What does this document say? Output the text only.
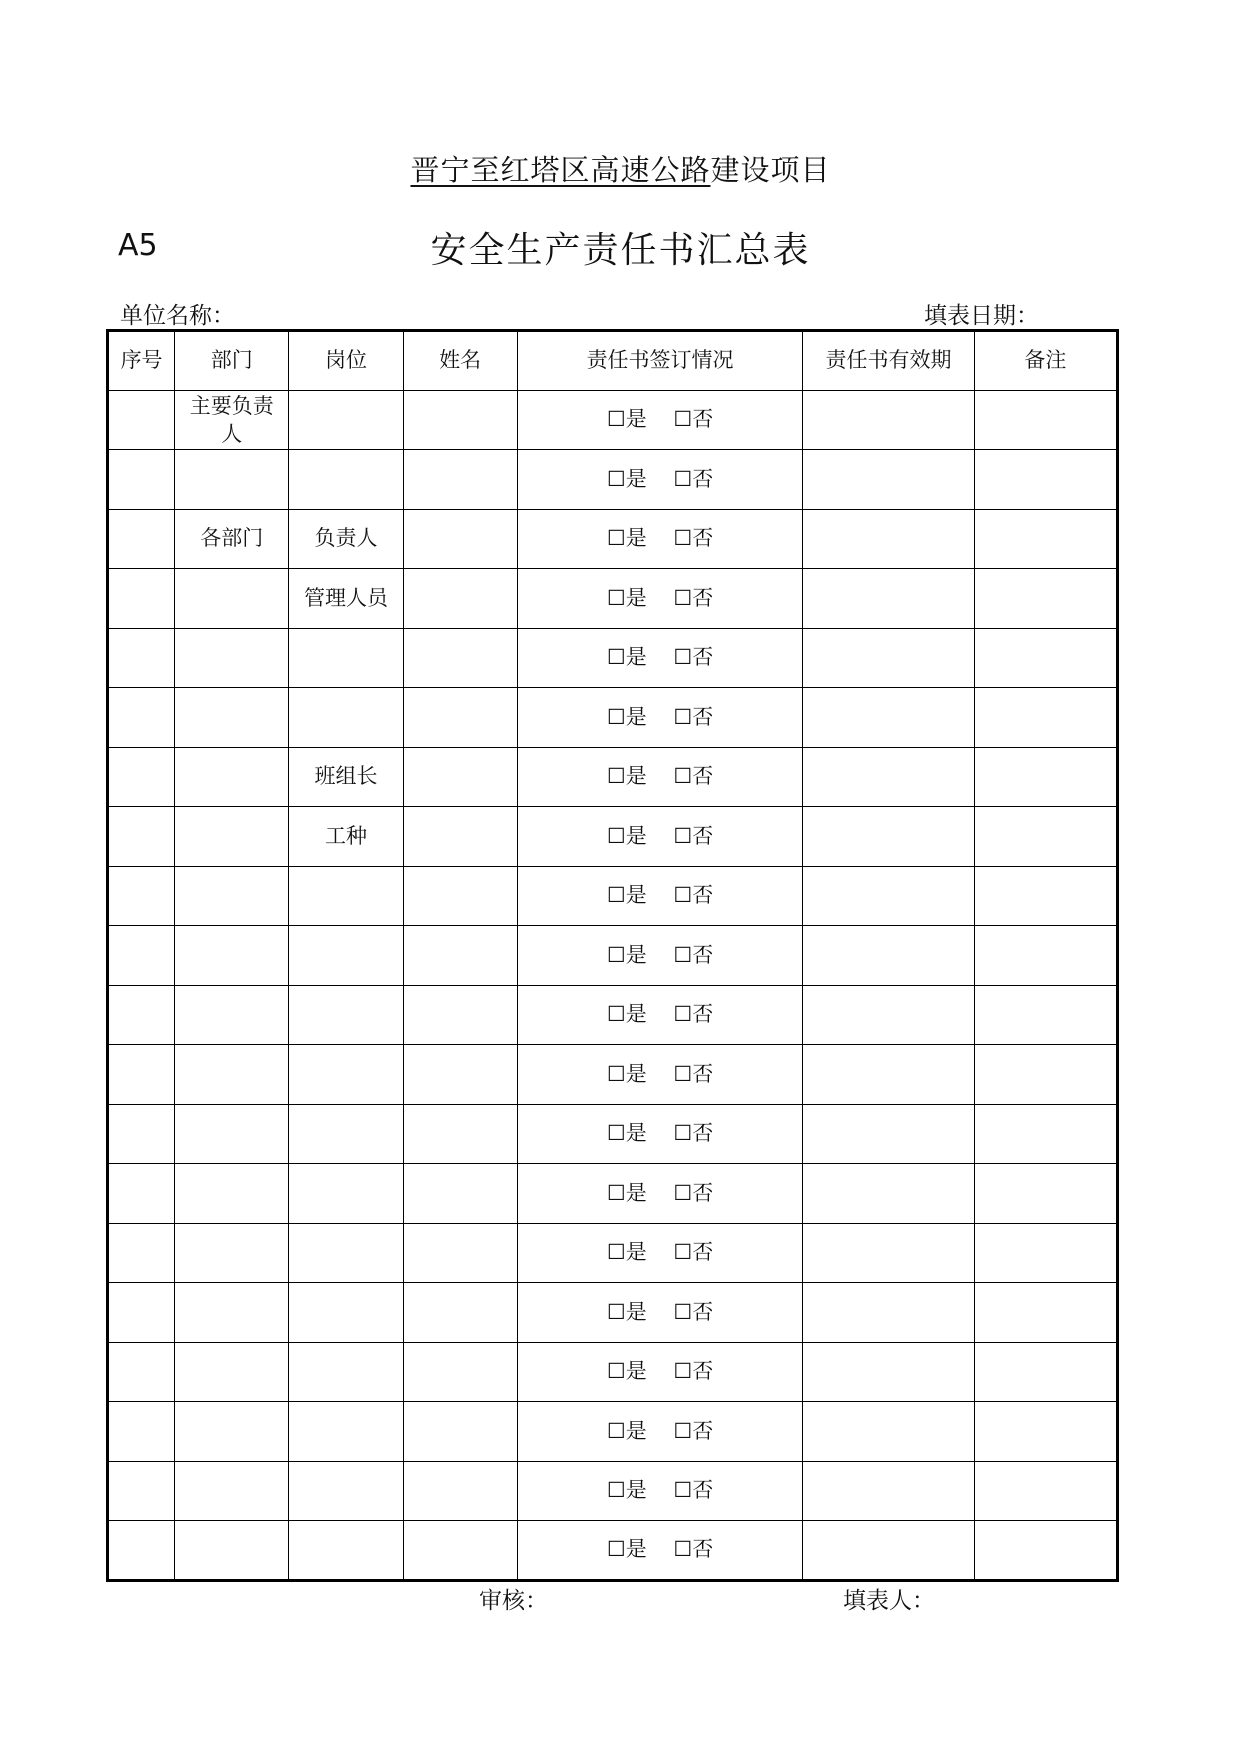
晋宁至红塔区高速公路建设项目
A5	安全生产责任书汇总表
单位名称：	填表日期：
序号	部门	岗位	姓名	责任书签订情况	责任书有效期	备注
	主要负责人			☐是 ☐否		
				☐是 ☐否		
	各部门	负责人		☐是 ☐否		
		管理人员		☐是 ☐否		
				☐是 ☐否		
				☐是 ☐否		
		班组长		☐是 ☐否		
		工种		☐是 ☐否		
				☐是 ☐否		
				☐是 ☐否		
				☐是 ☐否		
				☐是 ☐否		
				☐是 ☐否		
				☐是 ☐否		
				☐是 ☐否		
				☐是 ☐否		
				☐是 ☐否		
				☐是 ☐否		
				☐是 ☐否		
				☐是 ☐否		
审核：	填表人：
